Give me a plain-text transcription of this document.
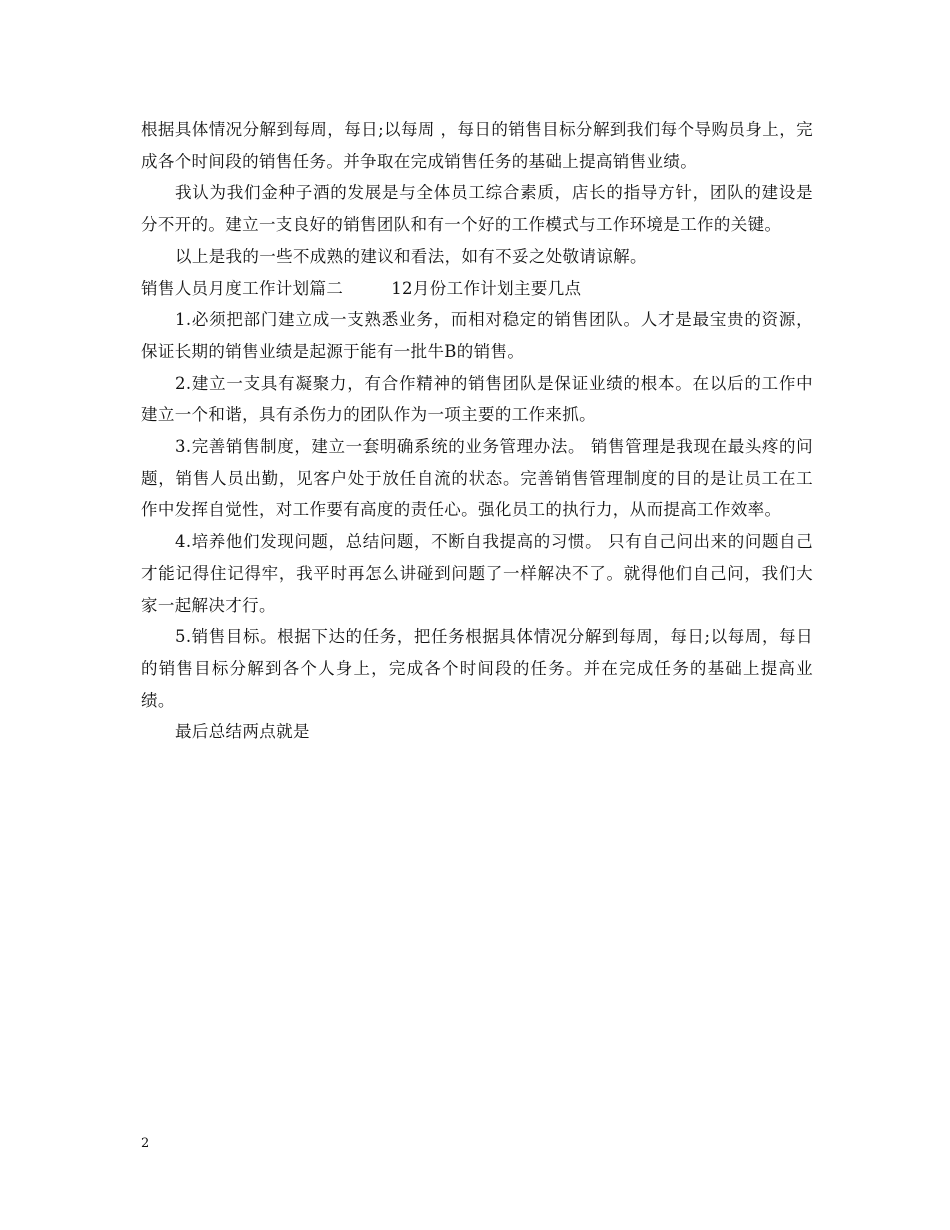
根据具体情况分解到每周，每日;以每周 ，每日的销售目标分解到我们每个导购员身上，完成各个时间段的销售任务。并争取在完成销售任务的基础上提高销售业绩。

我认为我们金种子酒的发展是与全体员工综合素质，店长的指导方针，团队的建设是分不开的。建立一支良好的销售团队和有一个好的工作模式与工作环境是工作的关键。

以上是我的一些不成熟的建议和看法，如有不妥之处敬请谅解。

销售人员月度工作计划篇二	12月份工作计划主要几点

1.必须把部门建立成一支熟悉业务，而相对稳定的销售团队。人才是最宝贵的资源，保证长期的销售业绩是起源于能有一批牛B的销售。

2.建立一支具有凝聚力，有合作精神的销售团队是保证业绩的根本。在以后的工作中建立一个和谐，具有杀伤力的团队作为一项主要的工作来抓。

3.完善销售制度，建立一套明确系统的业务管理办法。 销售管理是我现在最头疼的问题，销售人员出勤，见客户处于放任自流的状态。完善销售管理制度的目的是让员工在工作中发挥自觉性，对工作要有高度的责任心。强化员工的执行力，从而提高工作效率。

4.培养他们发现问题，总结问题，不断自我提高的习惯。 只有自己问出来的问题自己才能记得住记得牢，我平时再怎么讲碰到问题了一样解决不了。就得他们自己问，我们大家一起解决才行。

5.销售目标。根据下达的任务，把任务根据具体情况分解到每周，每日;以每周，每日的销售目标分解到各个人身上，完成各个时间段的任务。并在完成任务的基础上提高业绩。

最后总结两点就是

2
